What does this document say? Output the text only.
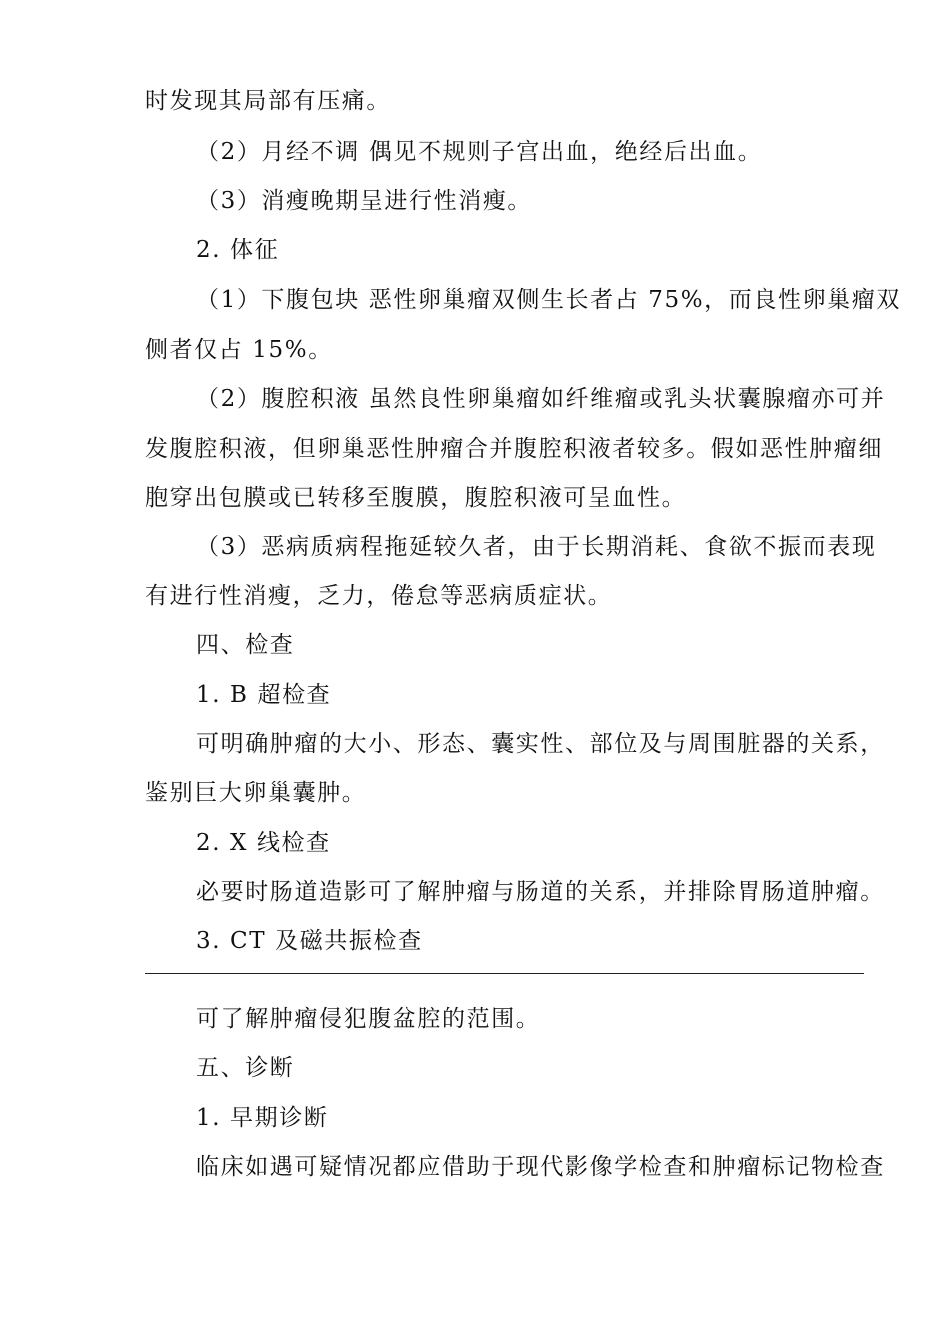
时发现其局部有压痛。
（2）月经不调 偶见不规则子宫出血，绝经后出血。
（3）消瘦晚期呈进行性消瘦。
2. 体征
（1）下腹包块 恶性卵巢瘤双侧生长者占 75%，而良性卵巢瘤双
侧者仅占 15%。
（2）腹腔积液 虽然良性卵巢瘤如纤维瘤或乳头状囊腺瘤亦可并
发腹腔积液，但卵巢恶性肿瘤合并腹腔积液者较多。假如恶性肿瘤细
胞穿出包膜或已转移至腹膜，腹腔积液可呈血性。
（3）恶病质病程拖延较久者，由于长期消耗、食欲不振而表现
有进行性消瘦，乏力，倦怠等恶病质症状。
四、检查
1. B 超检查
可明确肿瘤的大小、形态、囊实性、部位及与周围脏器的关系，
鉴别巨大卵巢囊肿。
2. X 线检查
必要时肠道造影可了解肿瘤与肠道的关系，并排除胃肠道肿瘤。
3. CT 及磁共振检查
可了解肿瘤侵犯腹盆腔的范围。
五、诊断
1. 早期诊断
临床如遇可疑情况都应借助于现代影像学检查和肿瘤标记物检查
